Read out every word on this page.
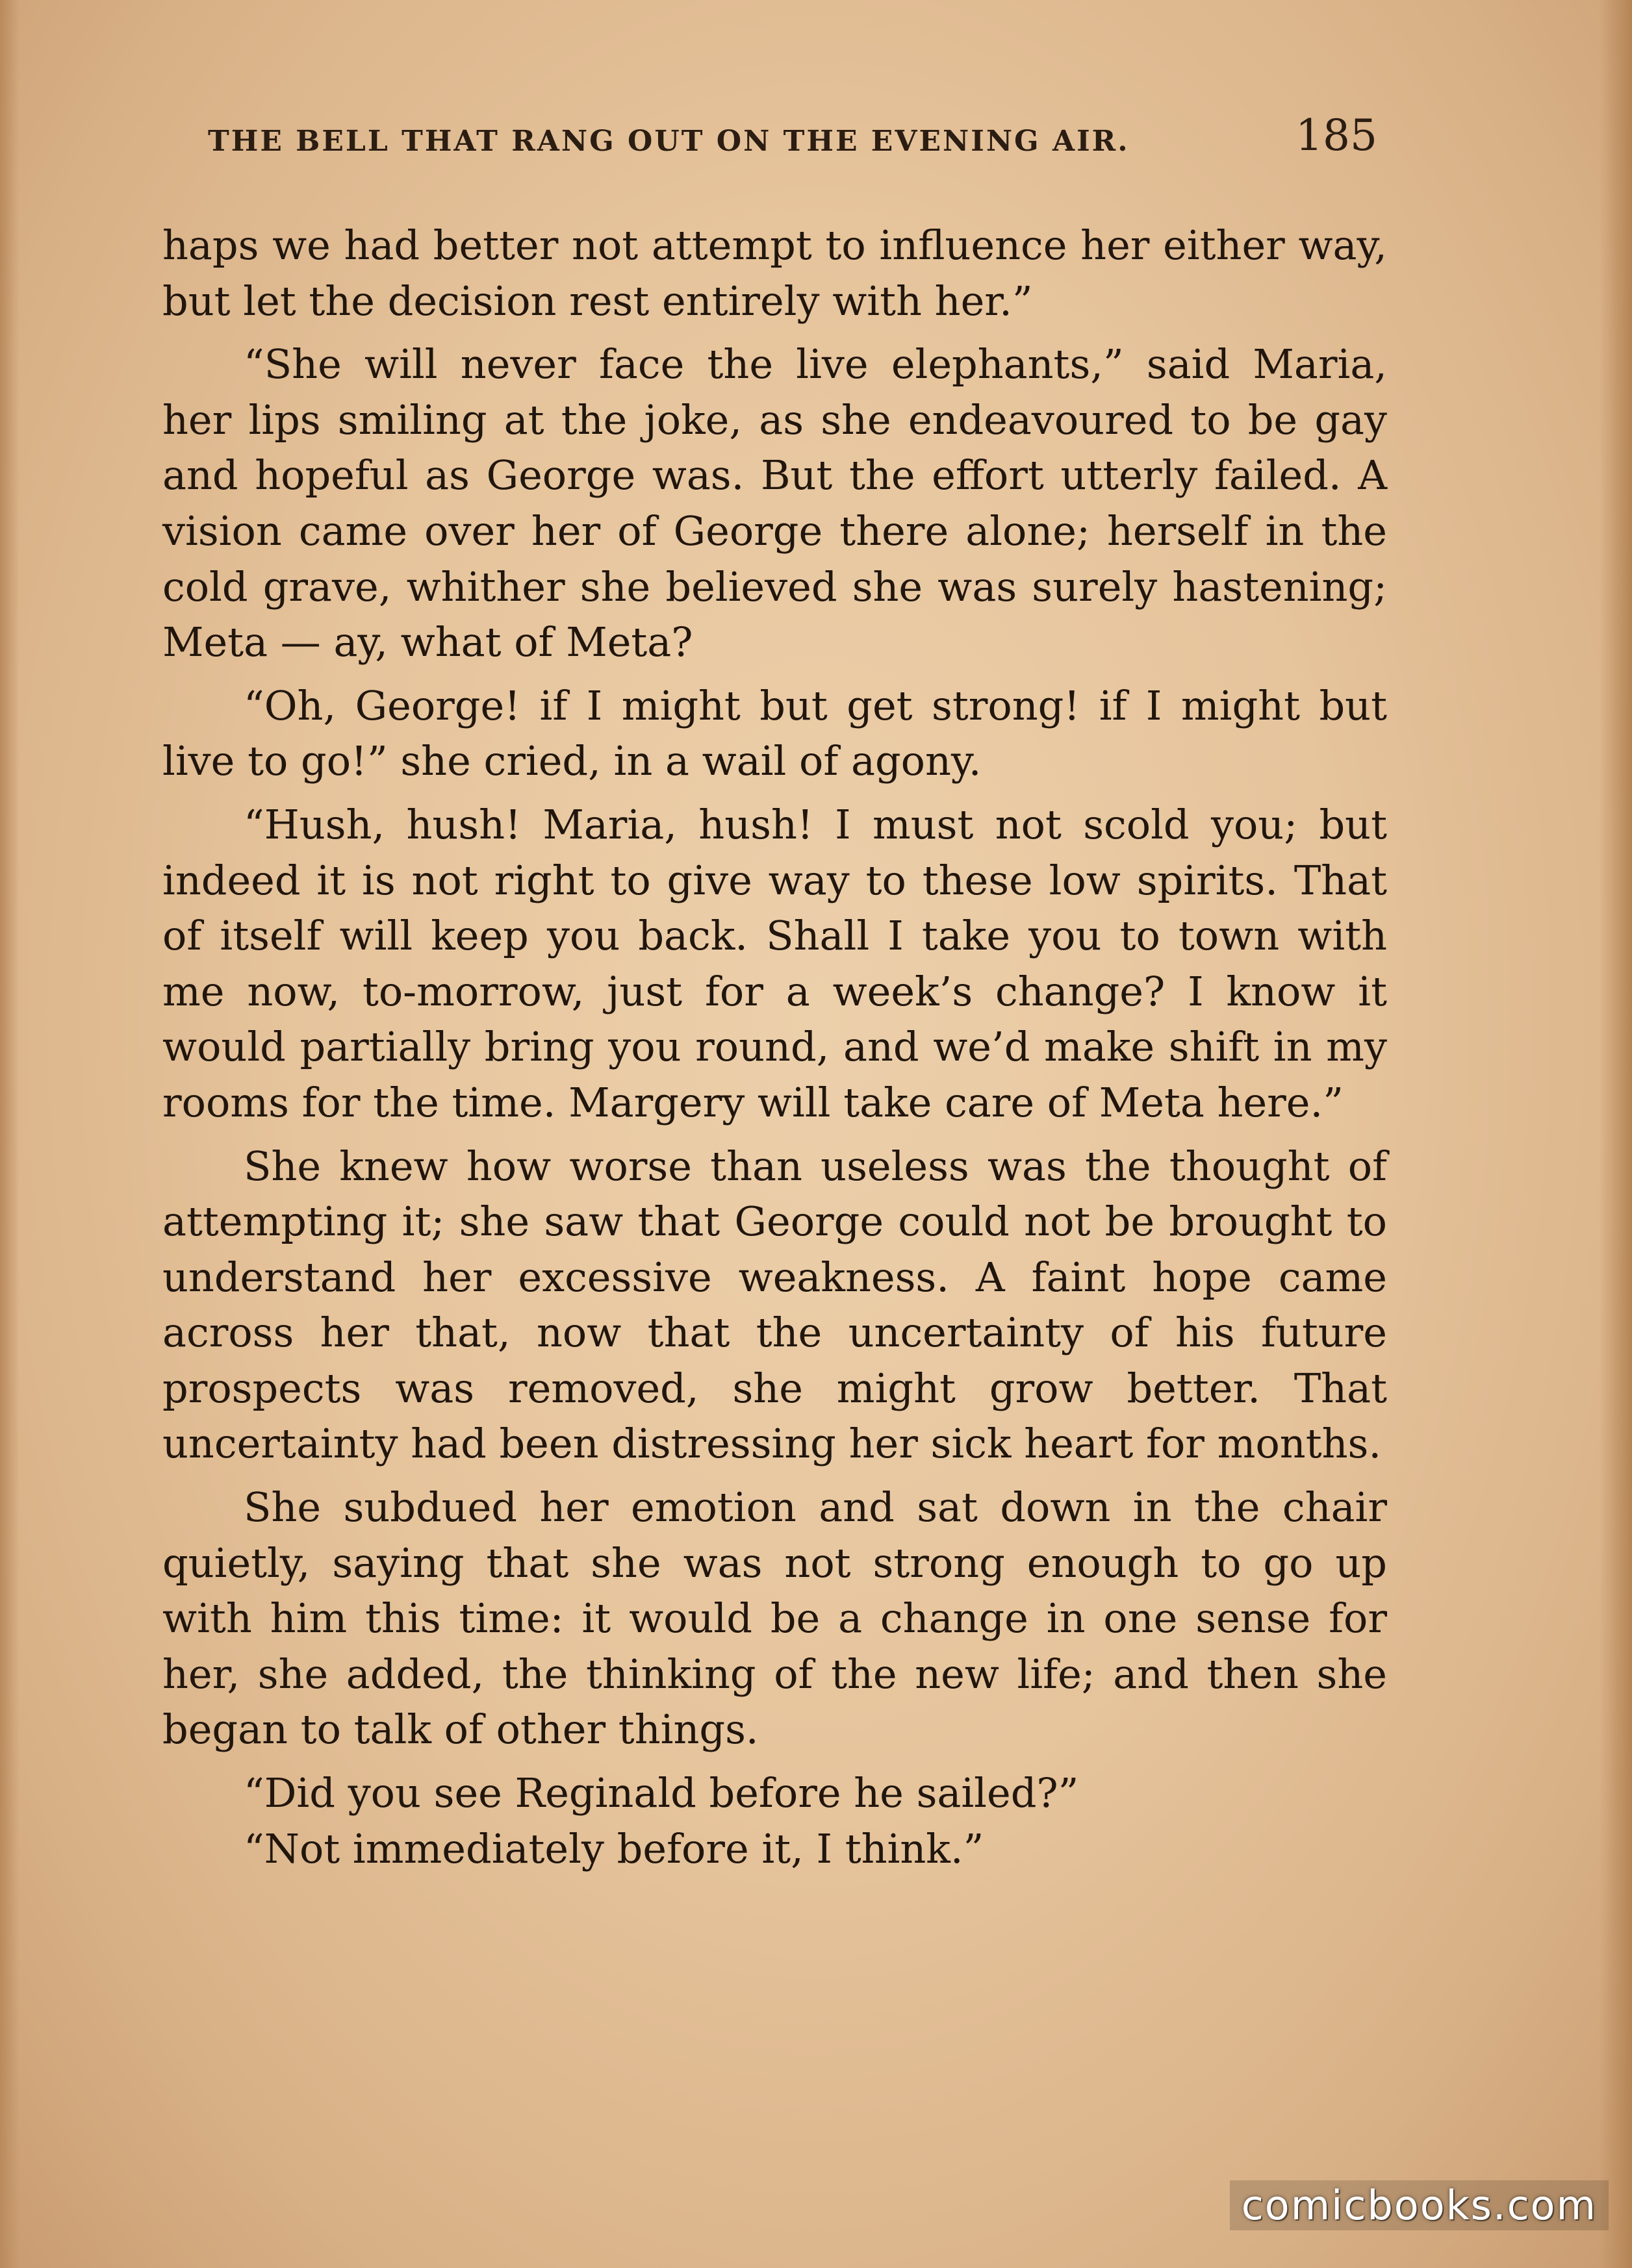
THE BELL THAT RANG OUT ON THE EVENING AIR.	185

haps we had better not attempt to influence her either way, but let the decision rest entirely with her.”

“She will never face the live elephants,” said Maria, her lips smiling at the joke, as she endeavoured to be gay and hopeful as George was. But the effort utterly failed. A vision came over her of George there alone; herself in the cold grave, whither she believed she was surely hastening; Meta — ay, what of Meta?

“Oh, George! if I might but get strong! if I might but live to go!” she cried, in a wail of agony.

“Hush, hush! Maria, hush! I must not scold you; but indeed it is not right to give way to these low spirits. That of itself will keep you back. Shall I take you to town with me now, to-morrow, just for a week’s change? I know it would partially bring you round, and we’d make shift in my rooms for the time. Margery will take care of Meta here.”

She knew how worse than useless was the thought of attempting it; she saw that George could not be brought to understand her excessive weakness. A faint hope came across her that, now that the uncertainty of his future prospects was removed, she might grow better. That uncertainty had been distressing her sick heart for months.

She subdued her emotion and sat down in the chair quietly, saying that she was not strong enough to go up with him this time: it would be a change in one sense for her, she added, the thinking of the new life; and then she began to talk of other things.

“Did you see Reginald before he sailed?”

“Not immediately before it, I think.”

comicbooks.com
